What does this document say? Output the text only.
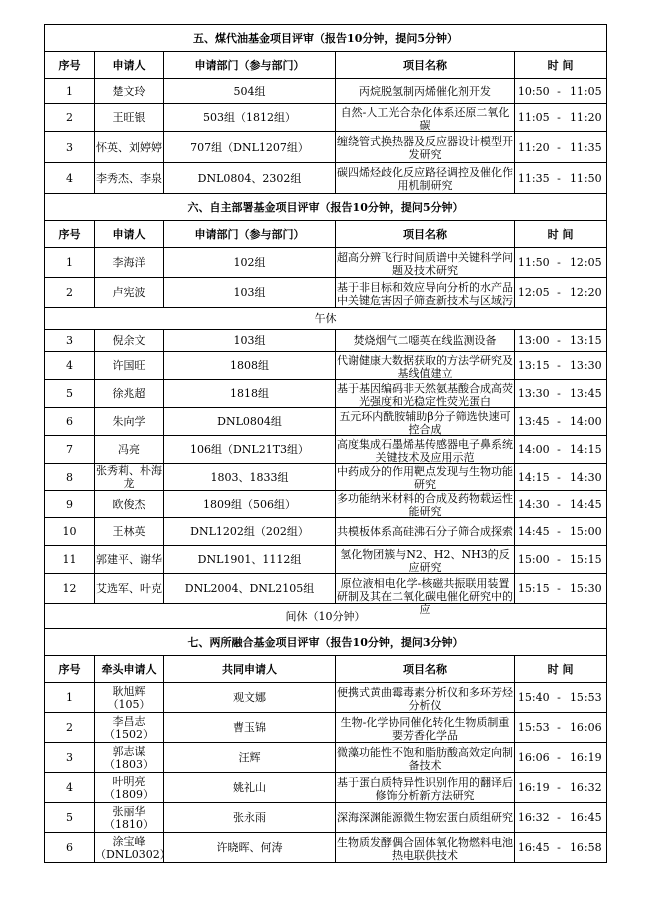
五、煤代油基金项目评审（报告10分钟，提问5分钟）						
序号	申请人	申请部门（参与部门）	项目名称	时 间		
1	楚文玲	504组	丙烷脱氢制丙烯催化剂开发	10:50	-	11:05
2	王旺银	503组（1812组）	自然-人工光合杂化体系还原二氧化碳	11:05	-	11:20
3	怀英、刘婷婷	707组（DNL1207组）	缠绕管式换热器及反应器设计模型开发研究	11:20	-	11:35
4	李秀杰、李泉	DNL0804、2302组	碳四烯烃歧化反应路径调控及催化作用机制研究	11:35	-	11:50
六、自主部署基金项目评审（报告10分钟，提问5分钟）						
序号	申请人	申请部门（参与部门）	项目名称	时 间		
1	李海洋	102组	超高分辨飞行时间质谱中关键科学问题及技术研究	11:50	-	12:05
2	卢宪波	103组	基于非目标和效应导向分析的水产品中关键危害因子筛查新技术与区域污	12:05	-	12:20
午休						
3	倪余文	103组	焚烧烟气二噁英在线监测设备	13:00	-	13:15
4	许国旺	1808组	代谢健康大数据获取的方法学研究及基线值建立	13:15	-	13:30
5	徐兆超	1818组	基于基因编码非天然氨基酸合成高荧光强度和光稳定性荧光蛋白	13:30	-	13:45
6	朱向学	DNL0804组	五元环内酰胺辅助β分子筛选快速可控合成	13:45	-	14:00
7	冯亮	106组（DNL21T3组）	高度集成石墨烯基传感器电子鼻系统关键技术及应用示范	14:00	-	14:15
8	张秀莉、朴海龙	1803、1833组	中药成分的作用靶点发现与生物功能研究	14:15	-	14:30
9	欧俊杰	1809组（506组）	多功能纳米材料的合成及药物载运性能研究	14:30	-	14:45
10	王林英	DNL1202组（202组）	共模板体系高硅沸石分子筛合成探索	14:45	-	15:00
11	郭建平、谢华	DNL1901、1112组	氢化物团簇与N2、H2、NH3的反应研究	15:00	-	15:15
12	艾选军、叶克	DNL2004、DNL2105组	原位液相电化学-核磁共振联用装置研制及其在二氧化碳电催化研究中的应	15:15	-	15:30
间休（10分钟）						
七、两所融合基金项目评审（报告10分钟，提问3分钟）						
序号	牵头申请人	共同申请人	项目名称	时 间		
1	耿旭辉（105）	观文娜	便携式黄曲霉毒素分析仪和多环芳烃分析仪	15:40	-	15:53
2	李昌志（1502）	曹玉锦	生物-化学协同催化转化生物质制重要芳香化学品	15:53	-	16:06
3	郭志谋（1803）	汪辉	微藻功能性不饱和脂肪酸高效定向制备技术	16:06	-	16:19
4	叶明亮（1809）	姚礼山	基于蛋白质特异性识别作用的翻译后修饰分析新方法研究	16:19	-	16:32
5	张丽华（1810）	张永雨	深海深渊能源微生物宏蛋白质组研究	16:32	-	16:45
6	涂宝峰（DNL0302）	许晓晖、何涛	生物质发酵偶合固体氧化物燃料电池热电联供技术	16:45	-	16:58
